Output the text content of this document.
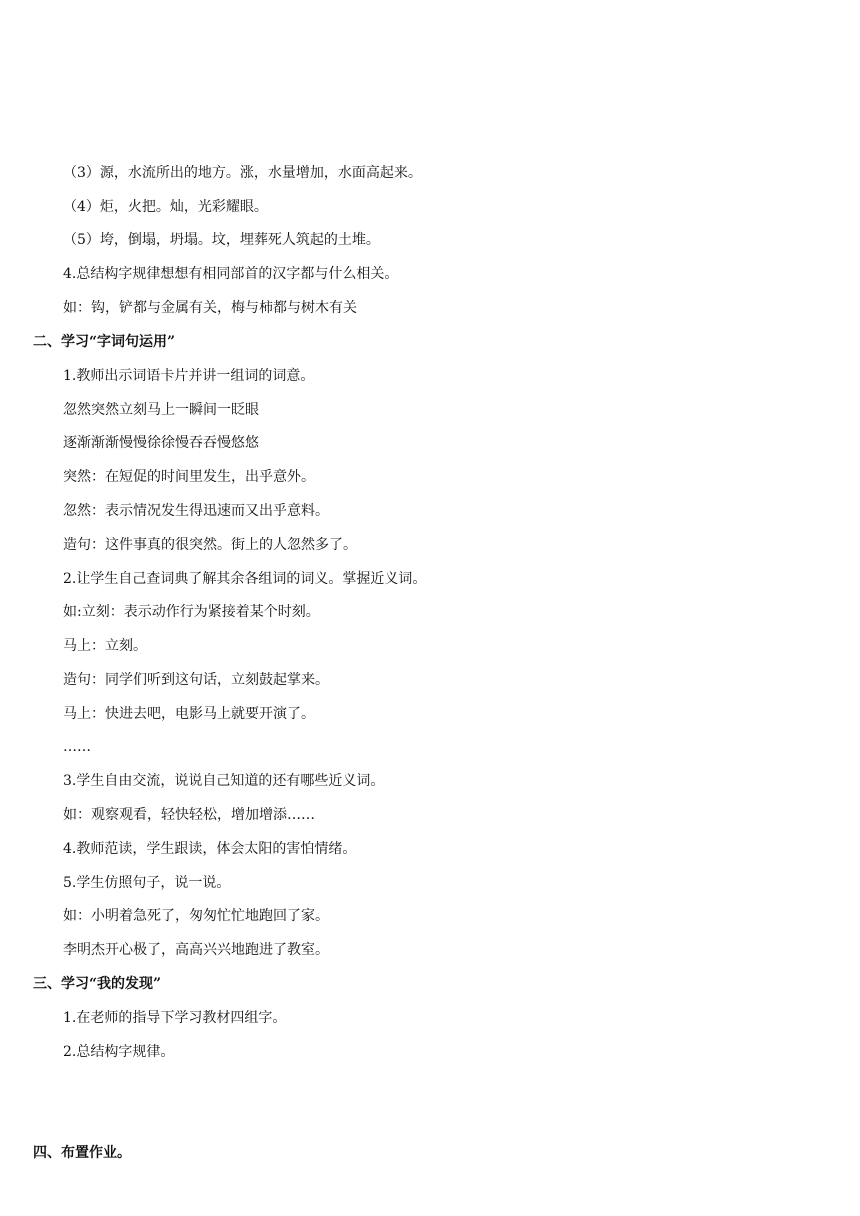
（3）源，水流所出的地方。涨，水量增加，水面高起来。
（4）炬，火把。灿，光彩耀眼。
（5）垮，倒塌，坍塌。坟，埋葬死人筑起的土堆。
4.总结构字规律想想有相同部首的汉字都与什么相关。
如：钩，铲都与金属有关，梅与柿都与树木有关
二、学习“字词句运用”
1.教师出示词语卡片并讲一组词的词意。
忽然突然立刻马上一瞬间一眨眼
逐渐渐渐慢慢徐徐慢吞吞慢悠悠
突然：在短促的时间里发生，出乎意外。
忽然：表示情况发生得迅速而又出乎意料。
造句：这件事真的很突然。街上的人忽然多了。
2.让学生自己查词典了解其余各组词的词义。掌握近义词。
如:立刻：表示动作行为紧接着某个时刻。
马上：立刻。
造句：同学们听到这句话，立刻鼓起掌来。
马上：快进去吧，电影马上就要开演了。
……
3.学生自由交流，说说自己知道的还有哪些近义词。
如：观察观看，轻快轻松，增加增添……
4.教师范读，学生跟读，体会太阳的害怕情绪。
5.学生仿照句子，说一说。
如：小明着急死了，匆匆忙忙地跑回了家。
李明杰开心极了，高高兴兴地跑进了教室。
三、学习“我的发现”
1.在老师的指导下学习教材四组字。
2.总结构字规律。
四、布置作业。
